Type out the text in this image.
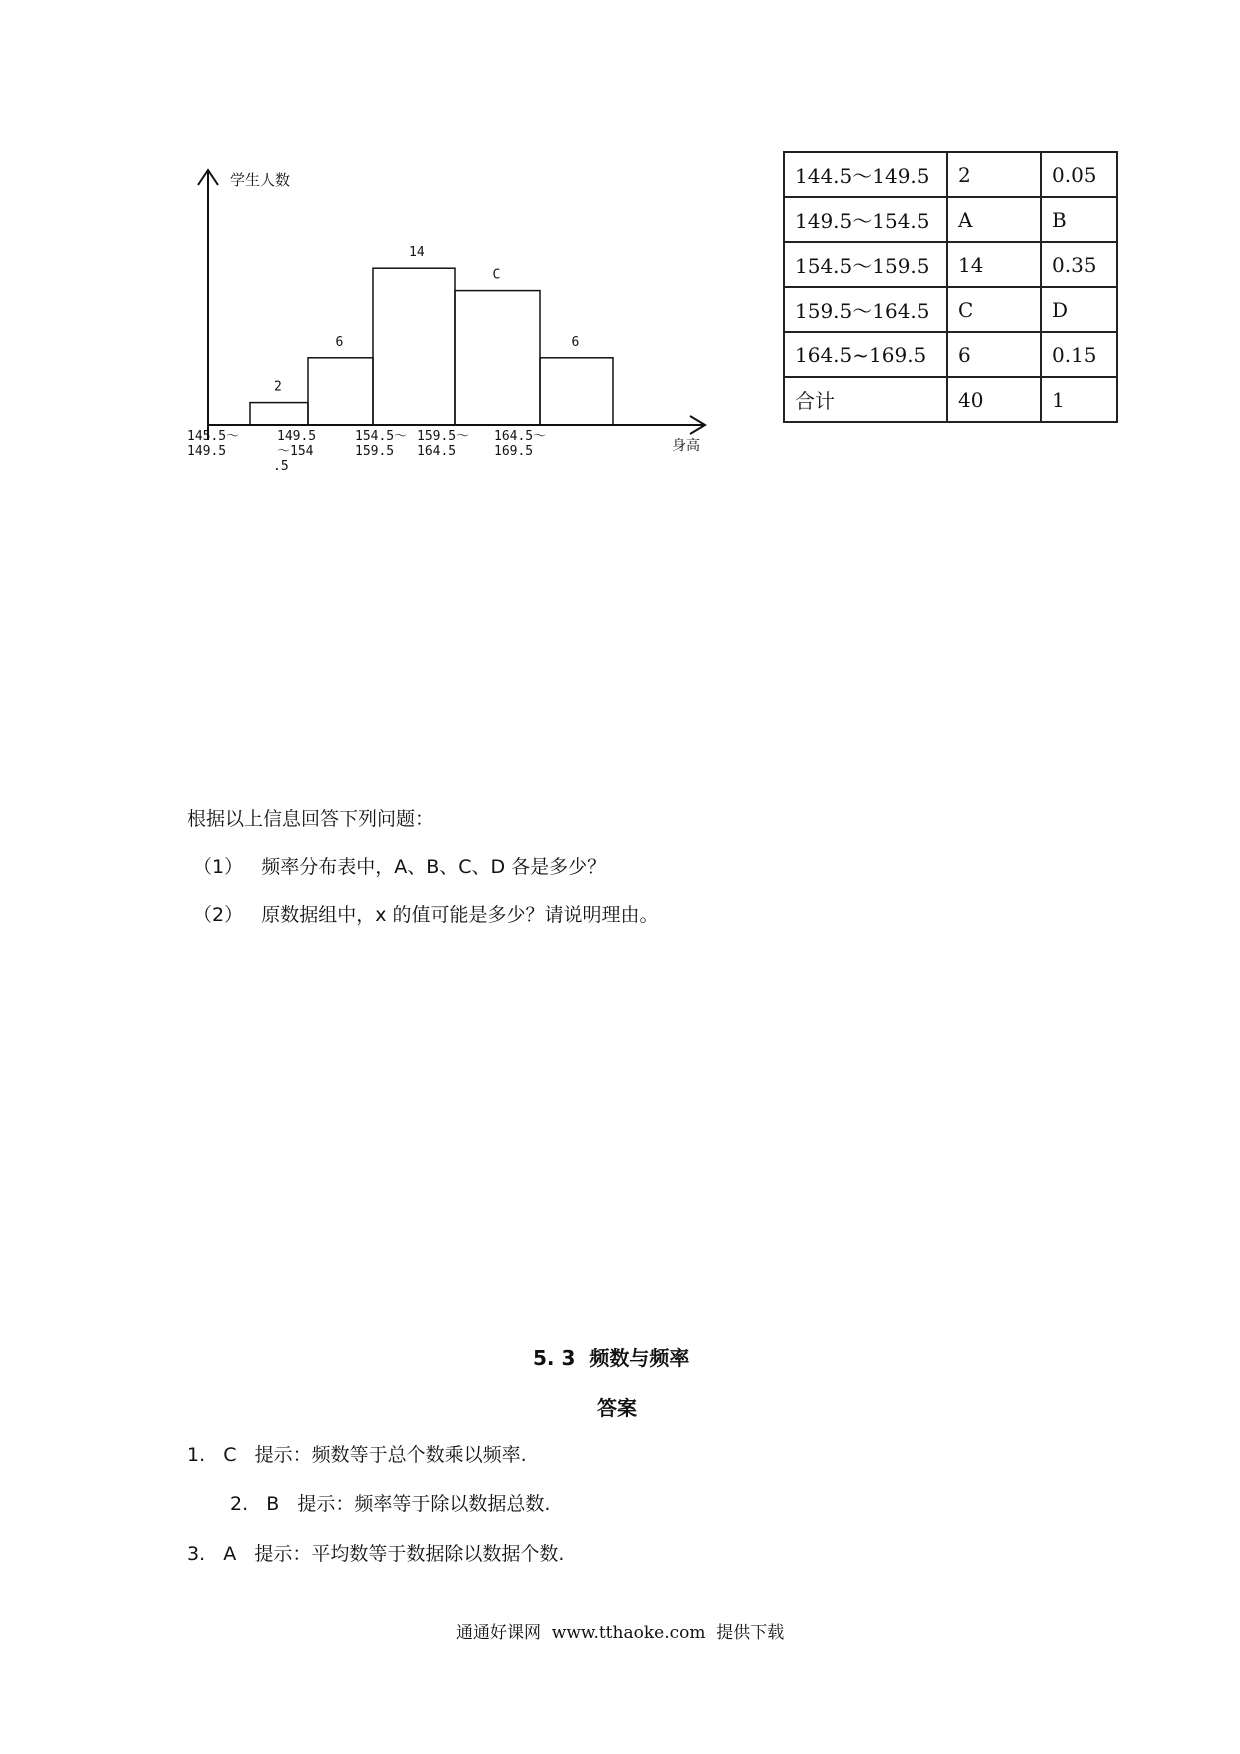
学生人数
身高
2
145.5～
149.5
6
149.5
～154
.5
14
154.5～
159.5
C
159.5～
164.5
6
164.5～
169.5
144.5～149.5	2	0.05
149.5～154.5	A	B
154.5～159.5	14	0.35
159.5～164.5	C	D
164.5~169.5	6	0.15
合计	40	1
根据以上信息回答下列问题：
（1）   频率分布表中，A、B、C、D 各是多少？
（2）   原数据组中，x 的值可能是多少？请说明理由。
5. 3  频数与频率
答案
1.   C   提示：频数等于总个数乘以频率.
2.   B   提示：频率等于除以数据总数.
3.   A   提示：平均数等于数据除以数据个数.
通通好课网  www.tthaoke.com  提供下载
